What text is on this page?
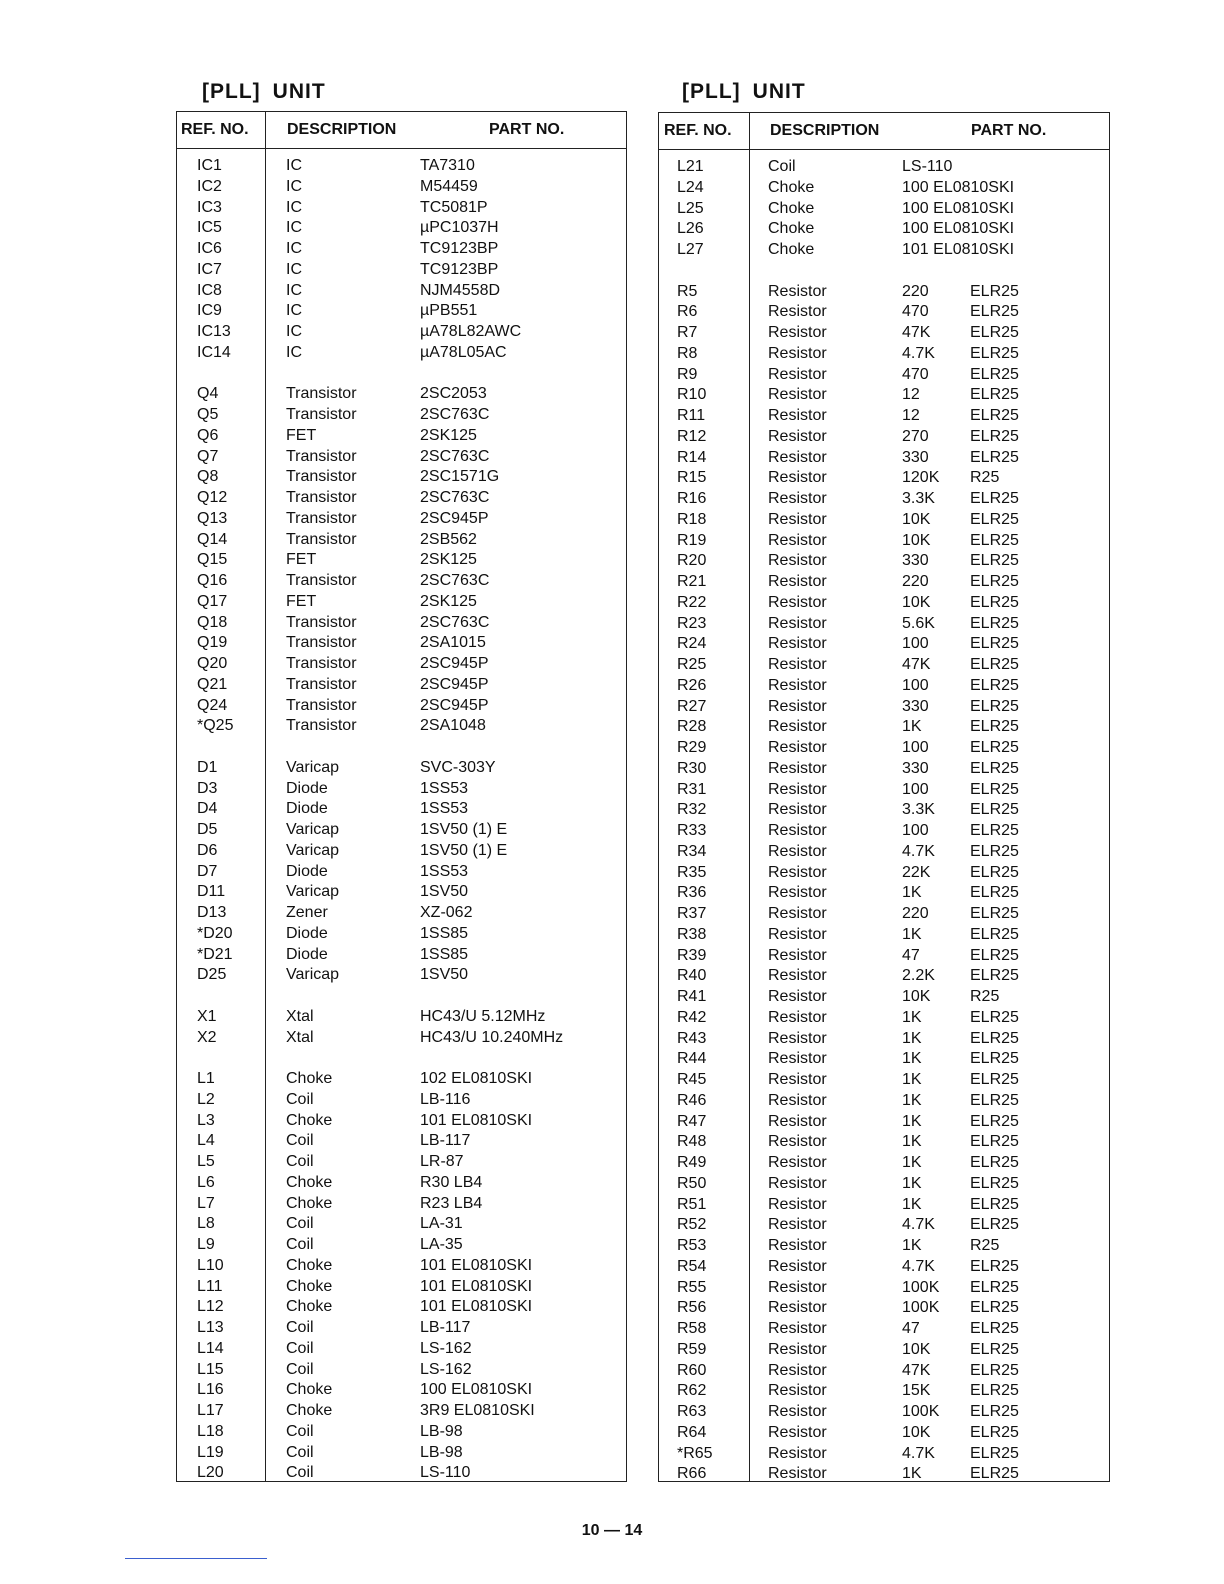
[PLL] UNIT
REF. NO. DESCRIPTION	PART NO.
IC1	IC	TA7310
IC2	IC	M54459
IC3	IC	TC5081P
IC5	IC	µPC1037H
IC6	IC	TC9123BP
IC7	IC	TC9123BP
IC8	IC	NJM4558D
IC9	IC	µPB551
IC13	IC	µA78L82AWC
IC14	IC	µA78L05AC
Q4	Transistor	2SC2053
Q5	Transistor	2SC763C
Q6	FET	2SK125
Q7	Transistor	2SC763C
Q8	Transistor	2SC1571G
Q12	Transistor	2SC763C
Q13	Transistor	2SC945P
Q14	Transistor	2SB562
Q15	FET	2SK125
Q16	Transistor	2SC763C
Q17	FET	2SK125
Q18	Transistor	2SC763C
Q19	Transistor	2SA1015
Q20	Transistor	2SC945P
Q21	Transistor	2SC945P
Q24	Transistor	2SC945P
*Q25	Transistor	2SA1048
D1	Varicap	SVC-303Y
D3	Diode	1SS53
D4	Diode	1SS53
D5	Varicap	1SV50 (1) E
D6	Varicap	1SV50 (1) E
D7	Diode	1SS53
D11	Varicap	1SV50
D13	Zener	XZ-062
*D20	Diode	1SS85
*D21	Diode	1SS85
D25	Varicap	1SV50
X1	Xtal	HC43/U 5.12MHz
X2	Xtal	HC43/U 10.240MHz
L1	Choke	102 EL0810SKI
L2	Coil	LB-116
L3	Choke	101 EL0810SKI
L4	Coil	LB-117
L5	Coil	LR-87
L6	Choke	R30 LB4
L7	Choke	R23 LB4
L8	Coil	LA-31
L9	Coil	LA-35
L10	Choke	101 EL0810SKI
L11	Choke	101 EL0810SKI
L12	Choke	101 EL0810SKI
L13	Coil	LB-117
L14	Coil	LS-162
L15	Coil	LS-162
L16	Choke	100 EL0810SKI
L17	Choke	3R9 EL0810SKI
L18	Coil	LB-98
L19	Coil	LB-98
L20	Coil	LS-110
[PLL] UNIT
REF. NO. DESCRIPTION	PART NO.
L21	Coil	LS-110
L24	Choke	100 EL0810SKI
L25	Choke	100 EL0810SKI
L26	Choke	100 EL0810SKI
L27	Choke	101 EL0810SKI
R5	Resistor	220	ELR25
R6	Resistor	470	ELR25
R7	Resistor	47K ELR25
R8	Resistor	4.7K ELR25
R9	Resistor	470	ELR25
R10	Resistor	12	ELR25
R11	Resistor	12	ELR25
R12	Resistor	270	ELR25
R14	Resistor	330	ELR25
R15	Resistor	120K R25
R16	Resistor	3.3K ELR25
R18	Resistor	10K ELR25
R19	Resistor	10K ELR25
R20	Resistor	330	ELR25
R21	Resistor	220	ELR25
R22	Resistor	10K ELR25
R23	Resistor	5.6K ELR25
R24	Resistor	100	ELR25
R25	Resistor	47K ELR25
R26	Resistor	100	ELR25
R27	Resistor	330	ELR25
R28	Resistor	1K	ELR25
R29	Resistor	100	ELR25
R30	Resistor	330	ELR25
R31	Resistor	100	ELR25
R32	Resistor	3.3K ELR25
R33	Resistor	100	ELR25
R34	Resistor	4.7K ELR25
R35	Resistor	22K ELR25
R36	Resistor	1K	ELR25
R37	Resistor	220	ELR25
R38	Resistor	1K	ELR25
R39	Resistor	47	ELR25
R40	Resistor	2.2K ELR25
R41	Resistor	10K R25
R42	Resistor	1K	ELR25
R43	Resistor	1K	ELR25
R44	Resistor	1K	ELR25
R45	Resistor	1K	ELR25
R46	Resistor	1K	ELR25
R47	Resistor	1K	ELR25
R48	Resistor	1K	ELR25
R49	Resistor	1K	ELR25
R50	Resistor	1K	ELR25
R51	Resistor	1K	ELR25
R52	Resistor	4.7K ELR25
R53	Resistor	1K	R25
R54	Resistor	4.7K ELR25
R55	Resistor	100K ELR25
R56	Resistor	100K ELR25
R58	Resistor	47	ELR25
R59	Resistor	10K ELR25
R60	Resistor	47K ELR25
R62	Resistor	15K ELR25
R63	Resistor	100K ELR25
R64	Resistor	10K ELR25
*R65	Resistor	4.7K ELR25
R66	Resistor	1K	ELR25
10 — 14
